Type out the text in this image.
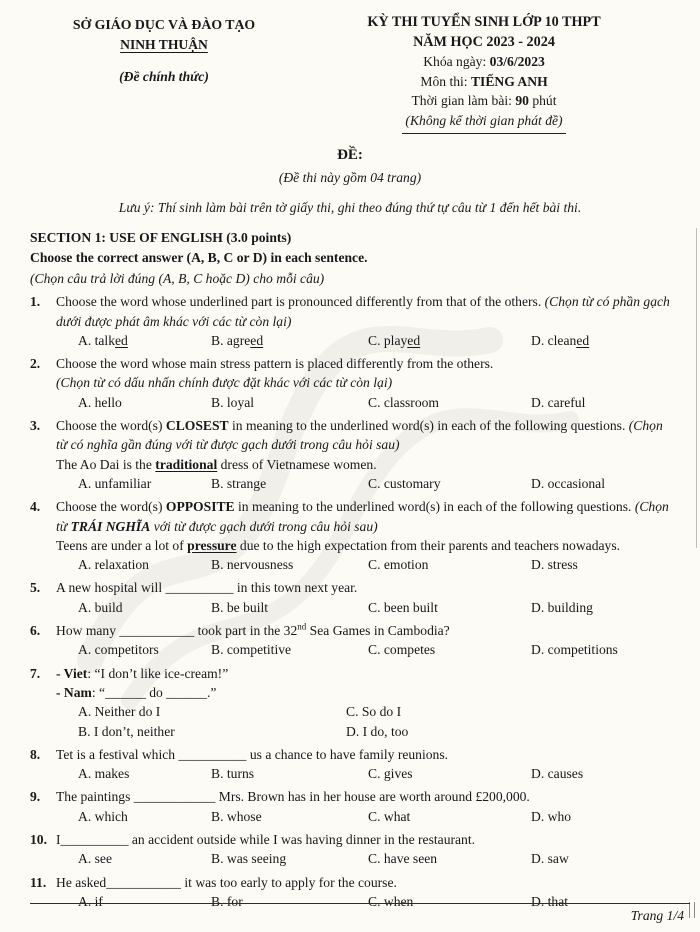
SỞ GIÁO DỤC VÀ ĐÀO TẠO
NINH THUẬN
(Đề chính thức)
KỲ THI TUYỂN SINH LỚP 10 THPT
NĂM HỌC 2023 - 2024
Khóa ngày: 03/6/2023
Môn thi: TIẾNG ANH
Thời gian làm bài: 90 phút
(Không kể thời gian phát đề)
ĐỀ:
(Đề thi này gồm 04 trang)
Lưu ý: Thí sinh làm bài trên tờ giấy thi, ghi theo đúng thứ tự câu từ 1 đến hết bài thi.
SECTION 1: USE OF ENGLISH (3.0 points)
Choose the correct answer (A, B, C or D) in each sentence.
(Chọn câu trả lời đúng (A, B, C hoặc D) cho mỗi câu)
1.	Choose the word whose underlined part is pronounced differently from that of the others. (Chọn từ có phần gạch dưới được phát âm khác với các từ còn lại)
A. talked	B. agreed	C. played	D. cleaned
2.	Choose the word whose main stress pattern is placed differently from the others.
(Chọn từ có dấu nhấn chính được đặt khác với các từ còn lại)
A. hello	B. loyal	C. classroom	D. careful
3.	Choose the word(s) CLOSEST in meaning to the underlined word(s) in each of the following questions. (Chọn từ có nghĩa gần đúng với từ được gạch dưới trong câu hỏi sau)
The Ao Dai is the traditional dress of Vietnamese women.
A. unfamiliar	B. strange	C. customary	D. occasional
4.	Choose the word(s) OPPOSITE in meaning to the underlined word(s) in each of the following questions. (Chọn từ TRÁI NGHĨA với từ được gạch dưới trong câu hỏi sau)
Teens are under a lot of pressure due to the high expectation from their parents and teachers nowadays.
A. relaxation	B. nervousness	C. emotion	D. stress
5.	A new hospital will __________ in this town next year.
A. build	B. be built	C. been built	D. building
6.	How many ___________ took part in the 32nd Sea Games in Cambodia?
A. competitors	B. competitive	C. competes	D. competitions
7.	- Viet: “I don’t like ice-cream!”
- Nam: “______ do ______.”
A. Neither do I	C. So do I
B. I don’t, neither	D. I do, too
8.	Tet is a festival which __________ us a chance to have family reunions.
A. makes	B. turns	C. gives	D. causes
9.	The paintings ____________ Mrs. Brown has in her house are worth around £200,000.
A. which	B. whose	C. what	D. who
10. I__________ an accident outside while I was having dinner in the restaurant.
A. see	B. was seeing	C. have seen	D. saw
11. He asked___________ it was too early to apply for the course.
A. if	B. for	C. when	D. that
Trang 1/4
